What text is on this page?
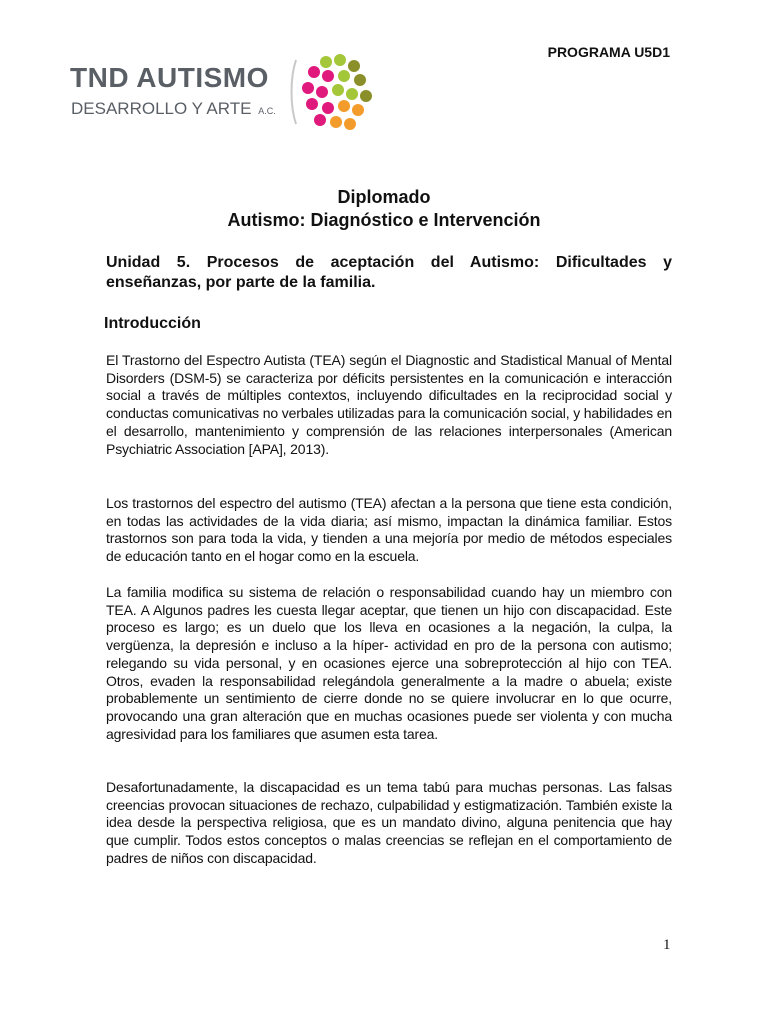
PROGRAMA U5D1
TND AUTISMO
DESARROLLO Y ARTE A.C.
Diplomado
Autismo: Diagnóstico e Intervención
Unidad 5. Procesos de aceptación del Autismo: Dificultades y enseñanzas, por parte de la familia.
Introducción

El Trastorno del Espectro Autista (TEA) según el Diagnostic and Stadistical Manual of Mental Disorders (DSM-5) se caracteriza por déficits persistentes en la comunicación e interacción social a través de múltiples contextos, incluyendo dificultades en la reciprocidad social y conductas comunicativas no verbales utilizadas para la comunicación social, y habilidades en el desarrollo, mantenimiento y comprensión de las relaciones interpersonales (American Psychiatric Association [APA], 2013).

Los trastornos del espectro del autismo (TEA) afectan a la persona que tiene esta condición, en todas las actividades de la vida diaria; así mismo, impactan la dinámica familiar. Estos trastornos son para toda la vida, y tienden a una mejoría por medio de métodos especiales de educación tanto en el hogar como en la escuela.

La familia modifica su sistema de relación o responsabilidad cuando hay un miembro con TEA. A Algunos padres les cuesta llegar aceptar, que tienen un hijo con discapacidad. Este proceso es largo; es un duelo que los lleva en ocasiones a la negación, la culpa, la vergüenza, la depresión e incluso a la híper- actividad en pro de la persona con autismo; relegando su vida personal, y en ocasiones ejerce una sobreprotección al hijo con TEA. Otros, evaden la responsabilidad relegándola generalmente a la madre o abuela; existe probablemente un sentimiento de cierre donde no se quiere involucrar en lo que ocurre, provocando una gran alteración que en muchas ocasiones puede ser violenta y con mucha agresividad para los familiares que asumen esta tarea.

Desafortunadamente, la discapacidad es un tema tabú para muchas personas. Las falsas creencias provocan situaciones de rechazo, culpabilidad y estigmatización. También existe la idea desde la perspectiva religiosa, que es un mandato divino, alguna penitencia que hay que cumplir. Todos estos conceptos o malas creencias se reflejan en el comportamiento de padres de niños con discapacidad.

1
